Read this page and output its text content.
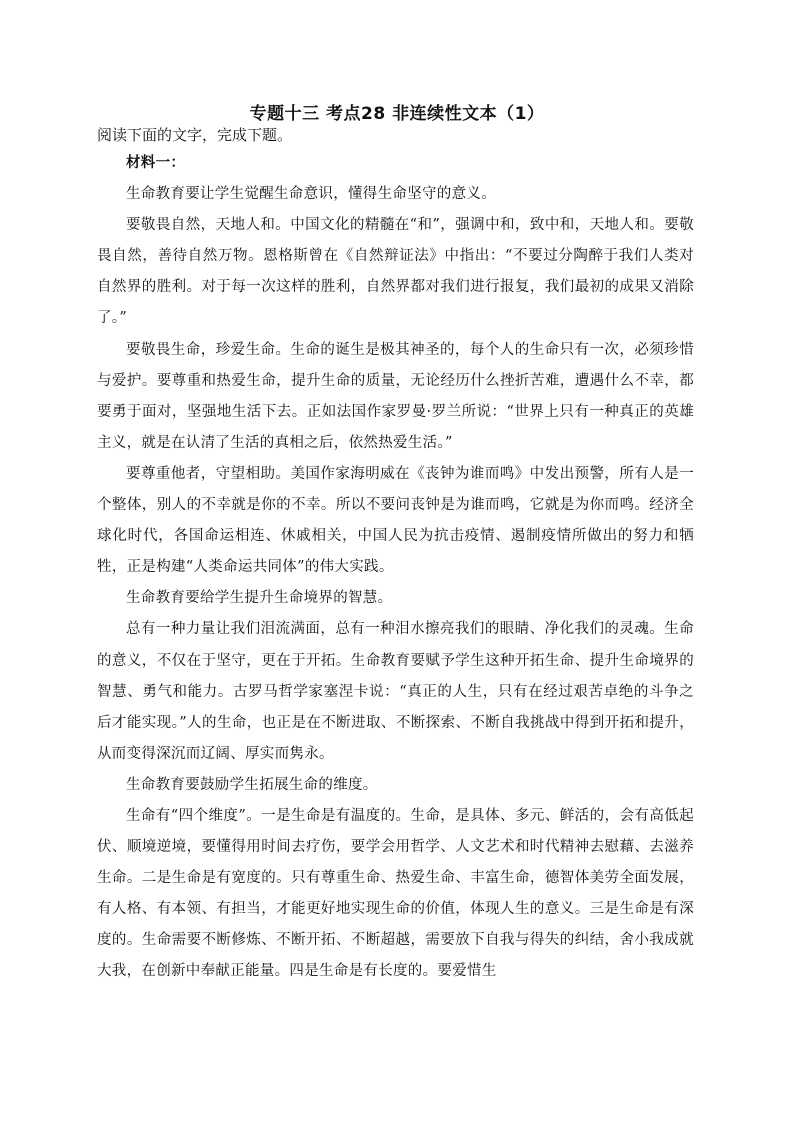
专题十三 考点28 非连续性文本（1）
阅读下面的文字，完成下题。

材料一：

生命教育要让学生觉醒生命意识，懂得生命坚守的意义。

要敬畏自然，天地人和。中国文化的精髓在“和”，强调中和，致中和，天地人和。要敬畏自然，善待自然万物。恩格斯曾在《自然辩证法》中指出：“不要过分陶醉于我们人类对自然界的胜利。对于每一次这样的胜利，自然界都对我们进行报复，我们最初的成果又消除了。”

要敬畏生命，珍爱生命。生命的诞生是极其神圣的，每个人的生命只有一次，必须珍惜与爱护。要尊重和热爱生命，提升生命的质量，无论经历什么挫折苦难，遭遇什么不幸，都要勇于面对，坚强地生活下去。正如法国作家罗曼·罗兰所说：“世界上只有一种真正的英雄主义，就是在认清了生活的真相之后，依然热爱生活。”

要尊重他者，守望相助。美国作家海明威在《丧钟为谁而鸣》中发出预警，所有人是一个整体，别人的不幸就是你的不幸。所以不要问丧钟是为谁而鸣，它就是为你而鸣。经济全球化时代，各国命运相连、休戚相关，中国人民为抗击疫情、遏制疫情所做出的努力和牺牲，正是构建“人类命运共同体”的伟大实践。

生命教育要给学生提升生命境界的智慧。

总有一种力量让我们泪流满面，总有一种泪水擦亮我们的眼睛、净化我们的灵魂。生命的意义，不仅在于坚守，更在于开拓。生命教育要赋予学生这种开拓生命、提升生命境界的智慧、勇气和能力。古罗马哲学家塞涅卡说：“真正的人生，只有在经过艰苦卓绝的斗争之后才能实现。”人的生命，也正是在不断进取、不断探索、不断自我挑战中得到开拓和提升，从而变得深沉而辽阔、厚实而隽永。

生命教育要鼓励学生拓展生命的维度。

生命有“四个维度”。一是生命是有温度的。生命，是具体、多元、鲜活的，会有高低起伏、顺境逆境，要懂得用时间去疗伤，要学会用哲学、人文艺术和时代精神去慰藉、去滋养生命。二是生命是有宽度的。只有尊重生命、热爱生命、丰富生命，德智体美劳全面发展，有人格、有本领、有担当，才能更好地实现生命的价值，体现人生的意义。三是生命是有深度的。生命需要不断修炼、不断开拓、不断超越，需要放下自我与得失的纠结，舍小我成就大我，在创新中奉献正能量。四是生命是有长度的。要爱惜生
